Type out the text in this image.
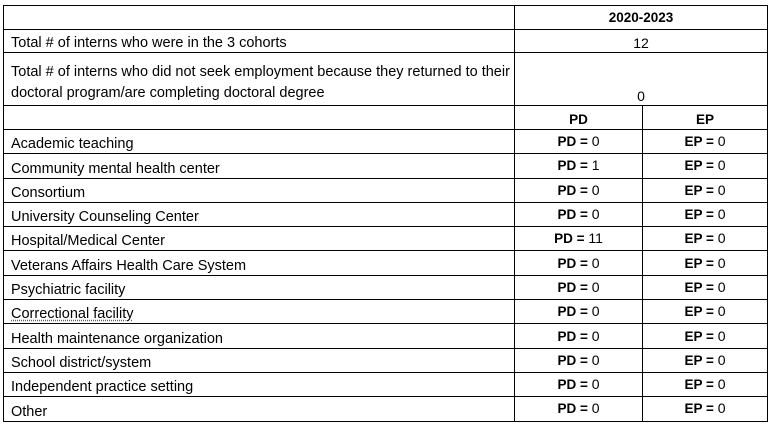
	2020-2023	
Total # of interns who were in the 3 cohorts	12	
Total # of interns who did not seek employment because they returned to their doctoral program/are completing doctoral degree	0	
	PD	EP
Academic teaching	PD = 0	EP = 0
Community mental health center	PD = 1	EP = 0
Consortium	PD = 0	EP = 0
University Counseling Center	PD = 0	EP = 0
Hospital/Medical Center	PD = 11	EP = 0
Veterans Affairs Health Care System	PD = 0	EP = 0
Psychiatric facility	PD = 0	EP = 0
Correctional facility	PD = 0	EP = 0
Health maintenance organization	PD = 0	EP = 0
School district/system	PD = 0	EP = 0
Independent practice setting	PD = 0	EP = 0
Other	PD = 0	EP = 0
